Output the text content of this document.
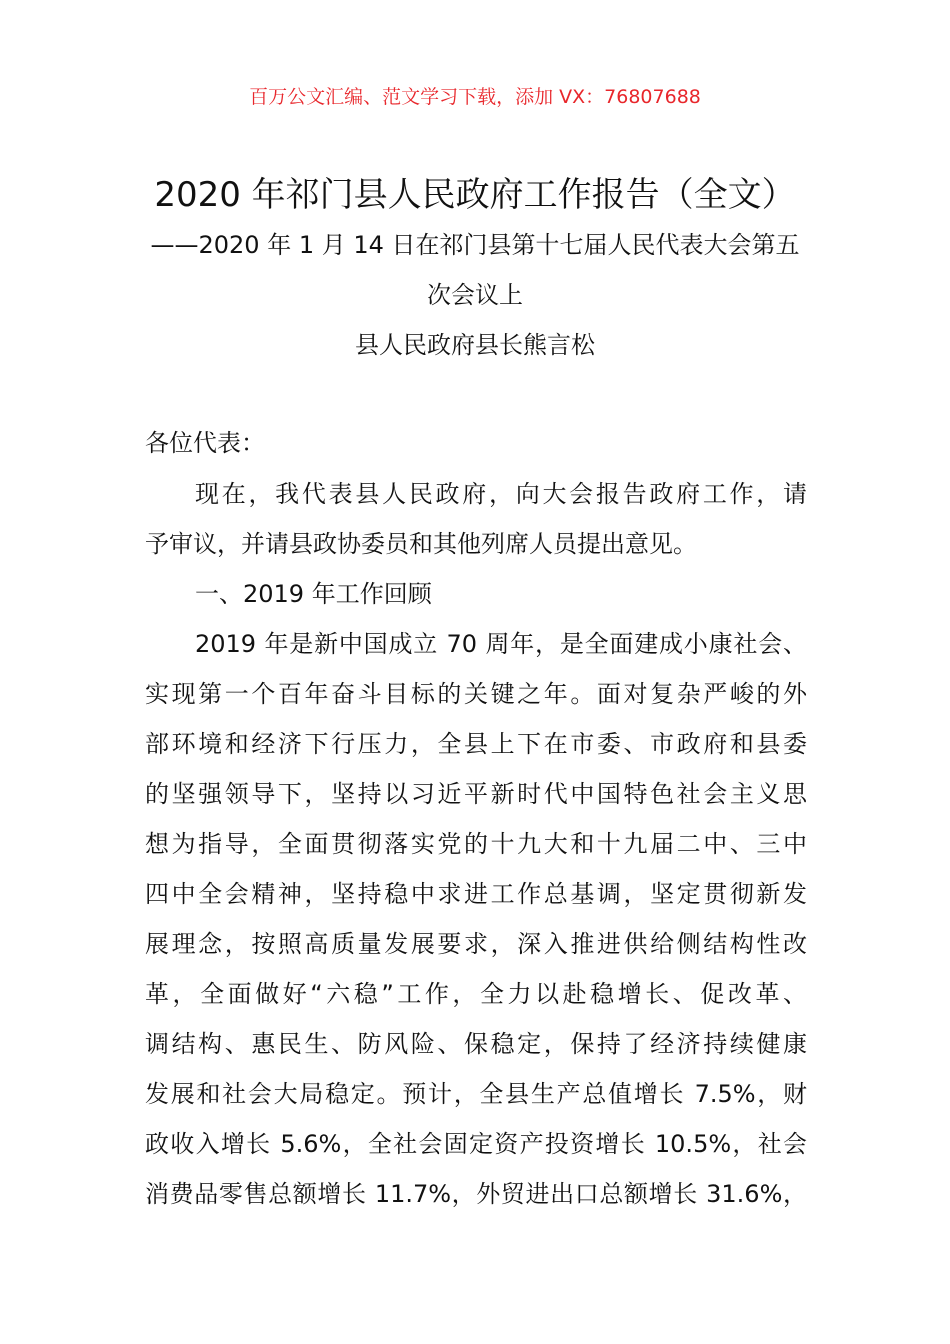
百万公文汇编、范文学习下载，添加 VX：76807688
2020 年祁门县人民政府工作报告（全文）
——2020 年 1 月 14 日在祁门县第十七届人民代表大会第五
次会议上
县人民政府县长熊言松
各位代表：
现在，我代表县人民政府，向大会报告政府工作，请
予审议，并请县政协委员和其他列席人员提出意见。
一、2019 年工作回顾
2019 年是新中国成立 70 周年，是全面建成小康社会、
实现第一个百年奋斗目标的关键之年。面对复杂严峻的外
部环境和经济下行压力，全县上下在市委、市政府和县委
的坚强领导下，坚持以习近平新时代中国特色社会主义思
想为指导，全面贯彻落实党的十九大和十九届二中、三中
四中全会精神，坚持稳中求进工作总基调，坚定贯彻新发
展理念，按照高质量发展要求，深入推进供给侧结构性改
革，全面做好“六稳”工作，全力以赴稳增长、促改革、
调结构、惠民生、防风险、保稳定，保持了经济持续健康
发展和社会大局稳定。预计，全县生产总值增长 7.5%，财
政收入增长 5.6%，全社会固定资产投资增长 10.5%，社会
消费品零售总额增长 11.7%，外贸进出口总额增长 31.6%，
